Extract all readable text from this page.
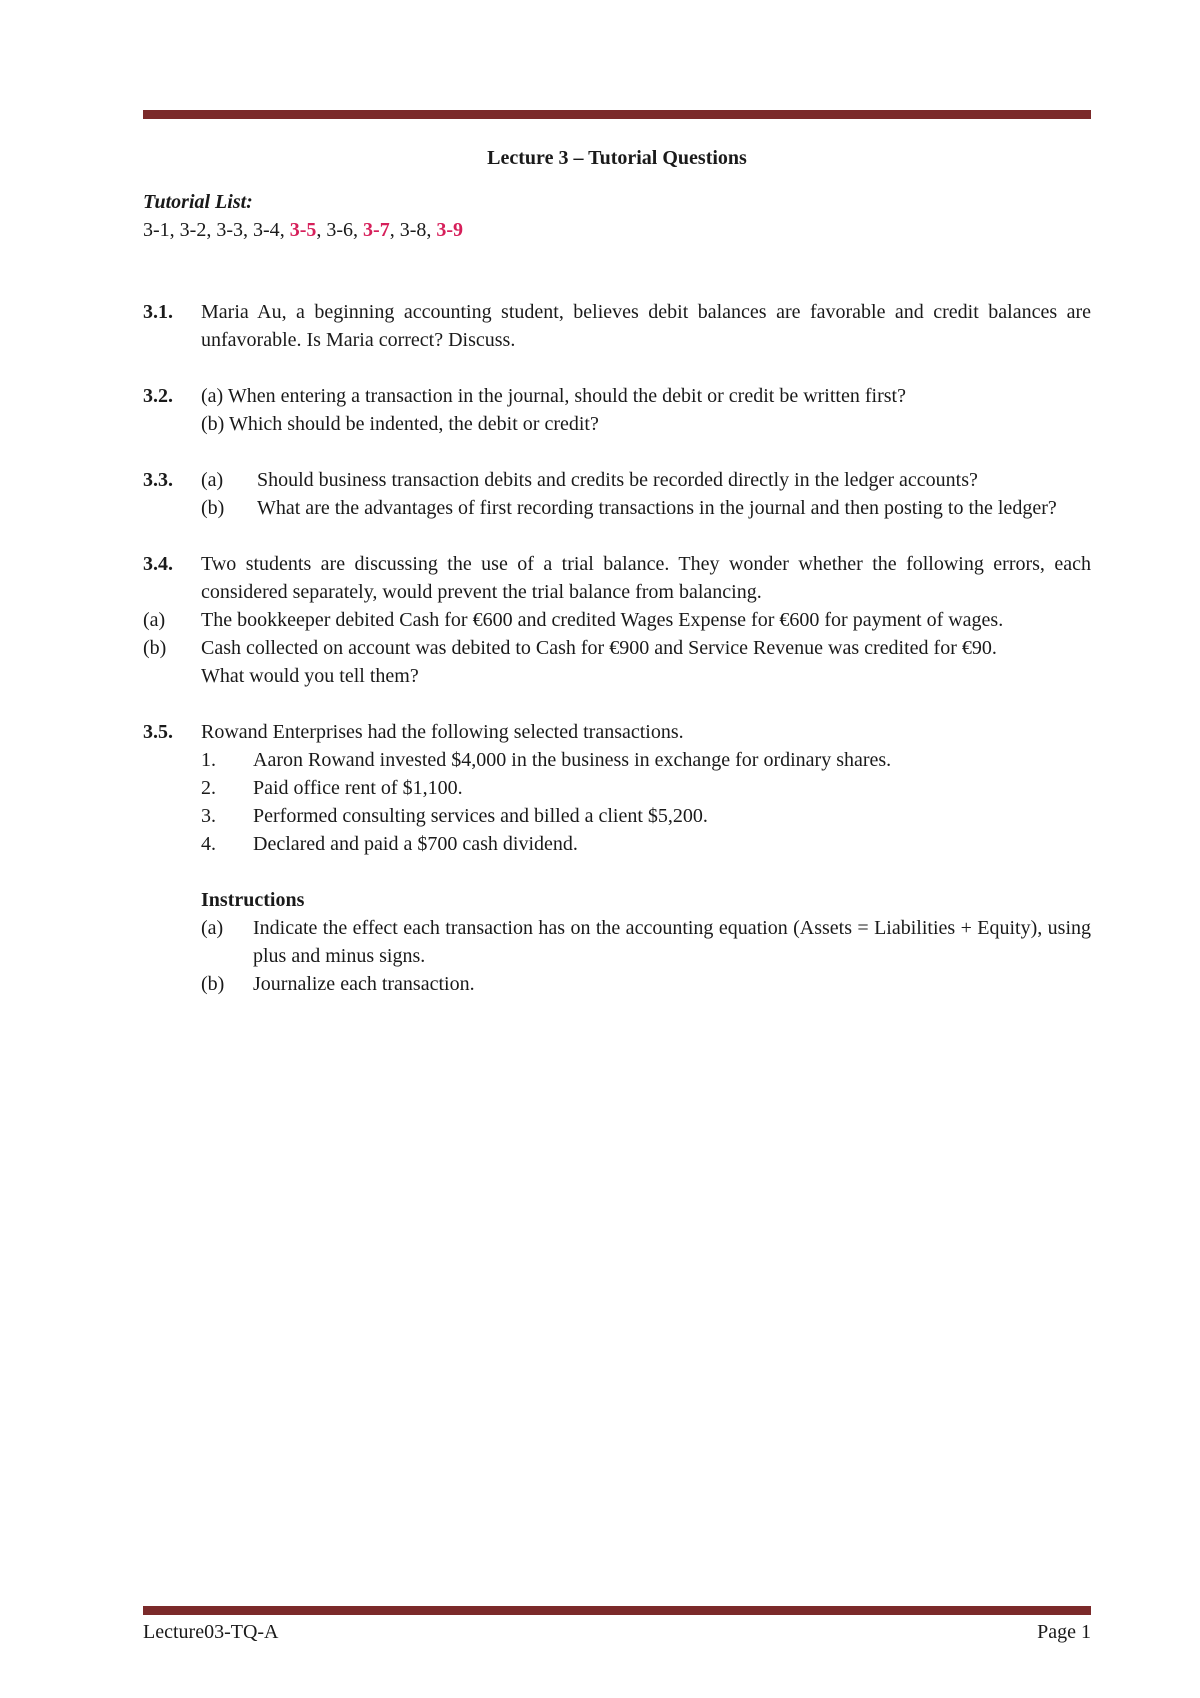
Lecture 3 – Tutorial Questions

Tutorial List:
3-1, 3-2, 3-3, 3-4, 3-5, 3-6, 3-7, 3-8, 3-9
3.1. Maria Au, a beginning accounting student, believes debit balances are favorable and credit balances are unfavorable. Is Maria correct? Discuss.
3.2. (a) When entering a transaction in the journal, should the debit or credit be written first?
(b) Which should be indented, the debit or credit?
3.3. (a) Should business transaction debits and credits be recorded directly in the ledger accounts?
(b) What are the advantages of first recording transactions in the journal and then posting to the ledger?
3.4. Two students are discussing the use of a trial balance. They wonder whether the following errors, each considered separately, would prevent the trial balance from balancing.
(a) The bookkeeper debited Cash for €600 and credited Wages Expense for €600 for payment of wages.
(b) Cash collected on account was debited to Cash for €900 and Service Revenue was credited for €90.
What would you tell them?
3.5. Rowand Enterprises had the following selected transactions.
1. Aaron Rowand invested $4,000 in the business in exchange for ordinary shares.
2. Paid office rent of $1,100.
3. Performed consulting services and billed a client $5,200.
4. Declared and paid a $700 cash dividend.
Instructions
(a) Indicate the effect each transaction has on the accounting equation (Assets = Liabilities + Equity), using plus and minus signs.
(b) Journalize each transaction.
Lecture03-TQ-A	Page 1
